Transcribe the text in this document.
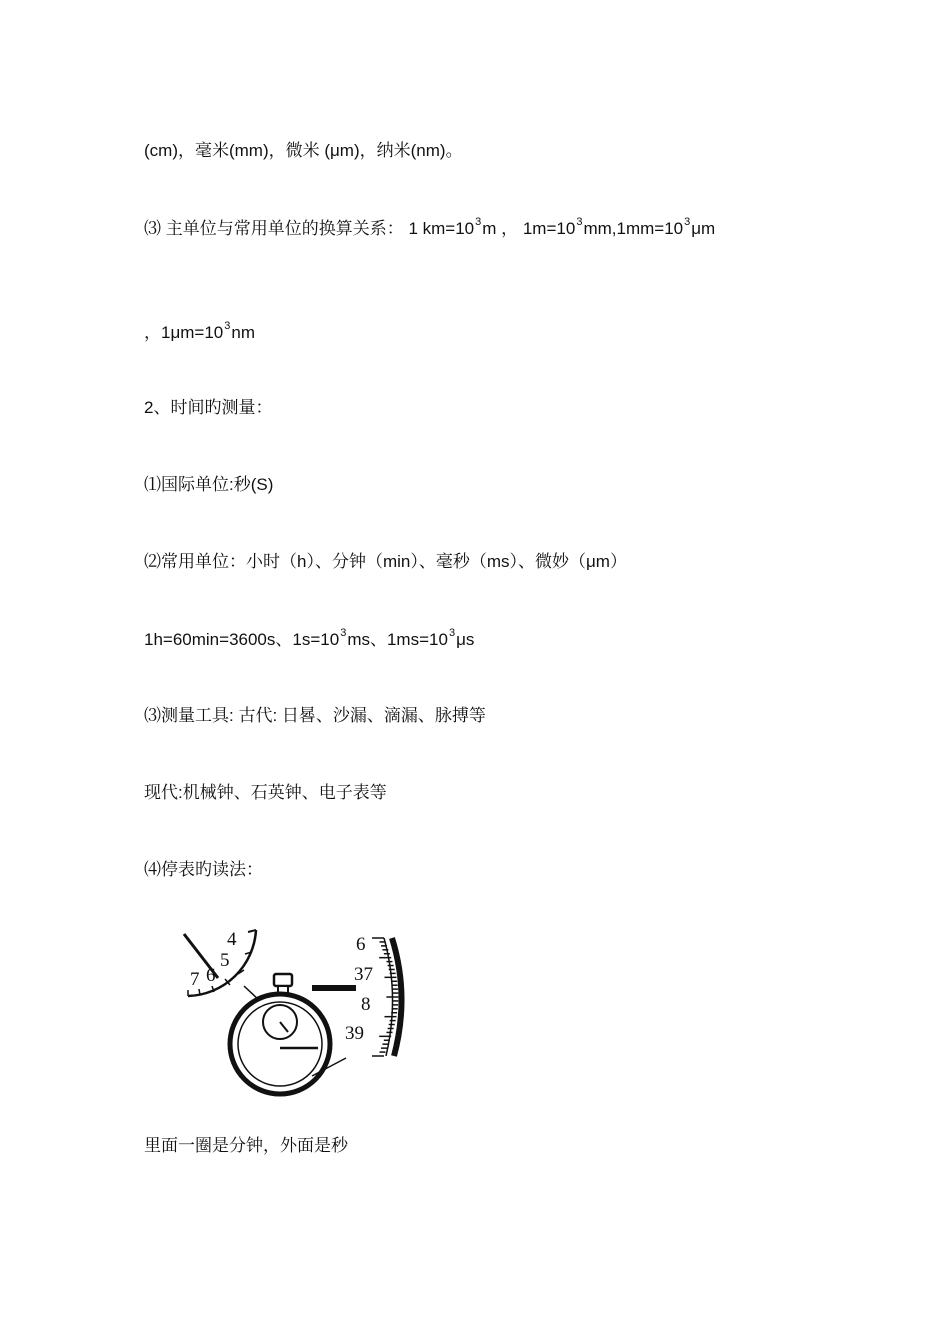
(cm)，毫米(mm)，微米 (μm)，纳米(nm)。
⑶ 主单位与常用单位的换算关系： 1 $km=10^3m$ ， $1m=10^3mm,1mm=10^3\mu m$
，$1\mu m=10^3nm$
2、时间旳测量：
⑴国际单位:秒(S)
⑵常用单位：小时（h）、分钟（min）、毫秒（ms）、微妙（μm）
1h=60min=3600s、$1s=10^3ms$、$1ms=10^3\mu s$
⑶测量工具: 古代: 日晷、沙漏、滴漏、脉搏等
现代:机械钟、石英钟、电子表等
⑷停表旳读法：
4
5
6
7
6
37
8
39
里面一圈是分钟，外面是秒
